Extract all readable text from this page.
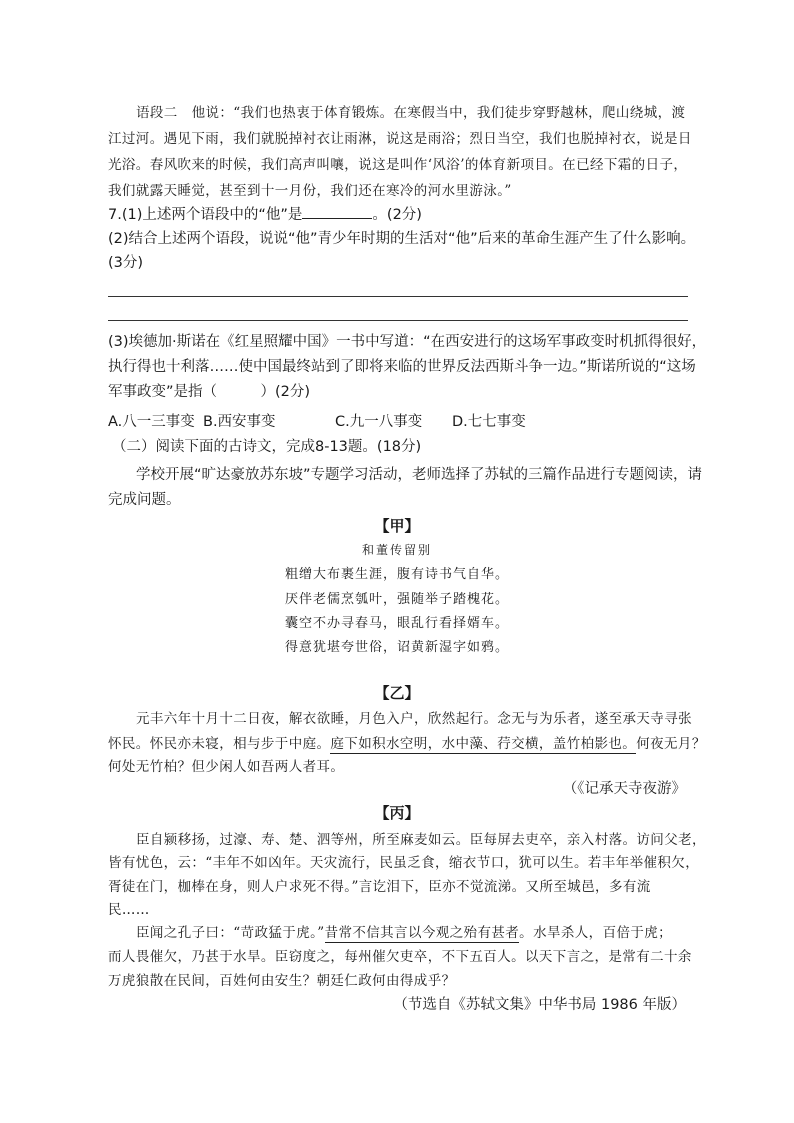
语段二　他说：“我们也热衷于体育锻炼。在寒假当中，我们徒步穿野越林，爬山绕城，渡
江过河。遇见下雨，我们就脱掉衬衣让雨淋，说这是雨浴；烈日当空，我们也脱掉衬衣，说是日
光浴。春风吹来的时候，我们高声叫嚷，说这是叫作‘风浴’的体育新项目。在已经下霜的日子，
我们就露天睡觉，甚至到十一月份，我们还在寒冷的河水里游泳。”
7.(1)上述两个语段中的“他”是	。(2分)
(2)结合上述两个语段，说说“他”青少年时期的生活对“他”后来的革命生涯产生了什么影响。
(3分)
(3)埃德加·斯诺在《红星照耀中国》一书中写道：“在西安进行的这场军事政变时机抓得很好，
执行得也十利落……使中国最终站到了即将来临的世界反法西斯斗争一边。”斯诺所说的“这场
军事政变”是指（　　　）(2分)
A.八一三事变 B.西安事变	C.九一八事变 D.七七事变
（二）阅读下面的古诗文，完成8-13题。(18分)
学校开展“旷达豪放苏东坡”专题学习活动，老师选择了苏轼的三篇作品进行专题阅读，请
完成问题。
【甲】
和董传留别
粗缯大布裹生涯，腹有诗书气自华。
厌伴老儒烹瓠叶，强随举子踏槐花。
囊空不办寻春马，眼乱行看择婿车。
得意犹堪夸世俗，诏黄新湿字如鸦。
【乙】
元丰六年十月十二日夜，解衣欲睡，月色入户，欣然起行。念无与为乐者，遂至承天寺寻张
怀民。怀民亦未寝，相与步于中庭。庭下如积水空明，水中藻、荇交横，盖竹柏影也。何夜无月？
何处无竹柏？但少闲人如吾两人者耳。
（《记承天寺夜游》
【丙】
臣自颍移扬，过濠、寿、楚、泗等州，所至麻麦如云。臣每屏去吏卒，亲入村落。访问父老，
皆有忧色，云：“丰年不如凶年。天灾流行，民虽乏食，缩衣节口，犹可以生。若丰年举催积欠，
胥徒在门，枷棒在身，则人户求死不得。”言讫泪下，臣亦不觉流涕。又所至城邑，多有流
民……
臣闻之孔子曰：“苛政猛于虎。”昔常不信其言以今观之殆有甚者。水旱杀人，百倍于虎；
而人畏催欠，乃甚于水旱。臣窃度之，每州催欠吏卒，不下五百人。以天下言之，是常有二十余
万虎狼散在民间，百姓何由安生？朝廷仁政何由得成乎？
（节选自《苏轼文集》中华书局 1986 年版）
